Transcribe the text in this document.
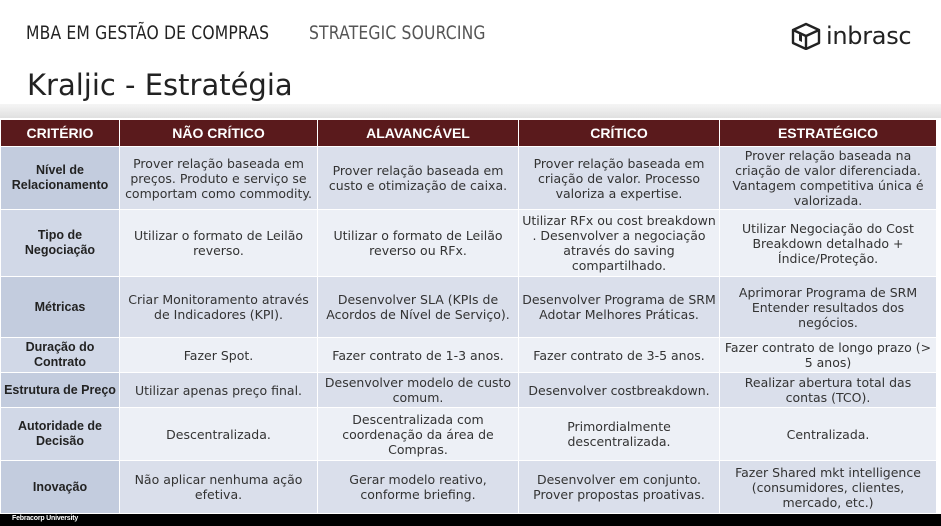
MBA EM GESTÃO DE COMPRAS STRATEGIC SOURCING	inbrasc
Kraljic - Estratégia
CRITÉRIO	NÃO CRÍTICO	ALAVANCÁVEL	CRÍTICO	ESTRATÉGICO
Nível de Relacionamento	Prover relação baseada em preços. Produto e serviço se comportam como commodity.	Prover relação baseada em custo e otimização de caixa.	Prover relação baseada em criação de valor. Processo valoriza a expertise.	Prover relação baseada na criação de valor diferenciada. Vantagem competitiva única é valorizada.
Tipo de Negociação	Utilizar o formato de Leilão reverso.	Utilizar o formato de Leilão reverso ou RFx.	Utilizar RFx ou cost breakdown . Desenvolver a negociação através do saving compartilhado.	Utilizar Negociação do Cost Breakdown detalhado + Índice/Proteção.
Métricas	Criar Monitoramento através de Indicadores (KPI).	Desenvolver SLA (KPIs de Acordos de Nível de Serviço).	Desenvolver Programa de SRM Adotar Melhores Práticas.	Aprimorar Programa de SRM Entender resultados dos negócios.
Duração do Contrato	Fazer Spot.	Fazer contrato de 1-3 anos.	Fazer contrato de 3-5 anos.	Fazer contrato de longo prazo (> 5 anos)
Estrutura de Preço	Utilizar apenas preço final.	Desenvolver modelo de custo comum.	Desenvolver costbreakdown.	Realizar abertura total das contas (TCO).
Autoridade de Decisão	Descentralizada.	Descentralizada com coordenação da área de Compras.	Primordialmente descentralizada.	Centralizada.
Inovação	Não aplicar nenhuma ação efetiva.	Gerar modelo reativo, conforme briefing.	Desenvolver em conjunto. Prover propostas proativas.	Fazer Shared mkt intelligence (consumidores, clientes, mercado, etc.)
Febracorp University
